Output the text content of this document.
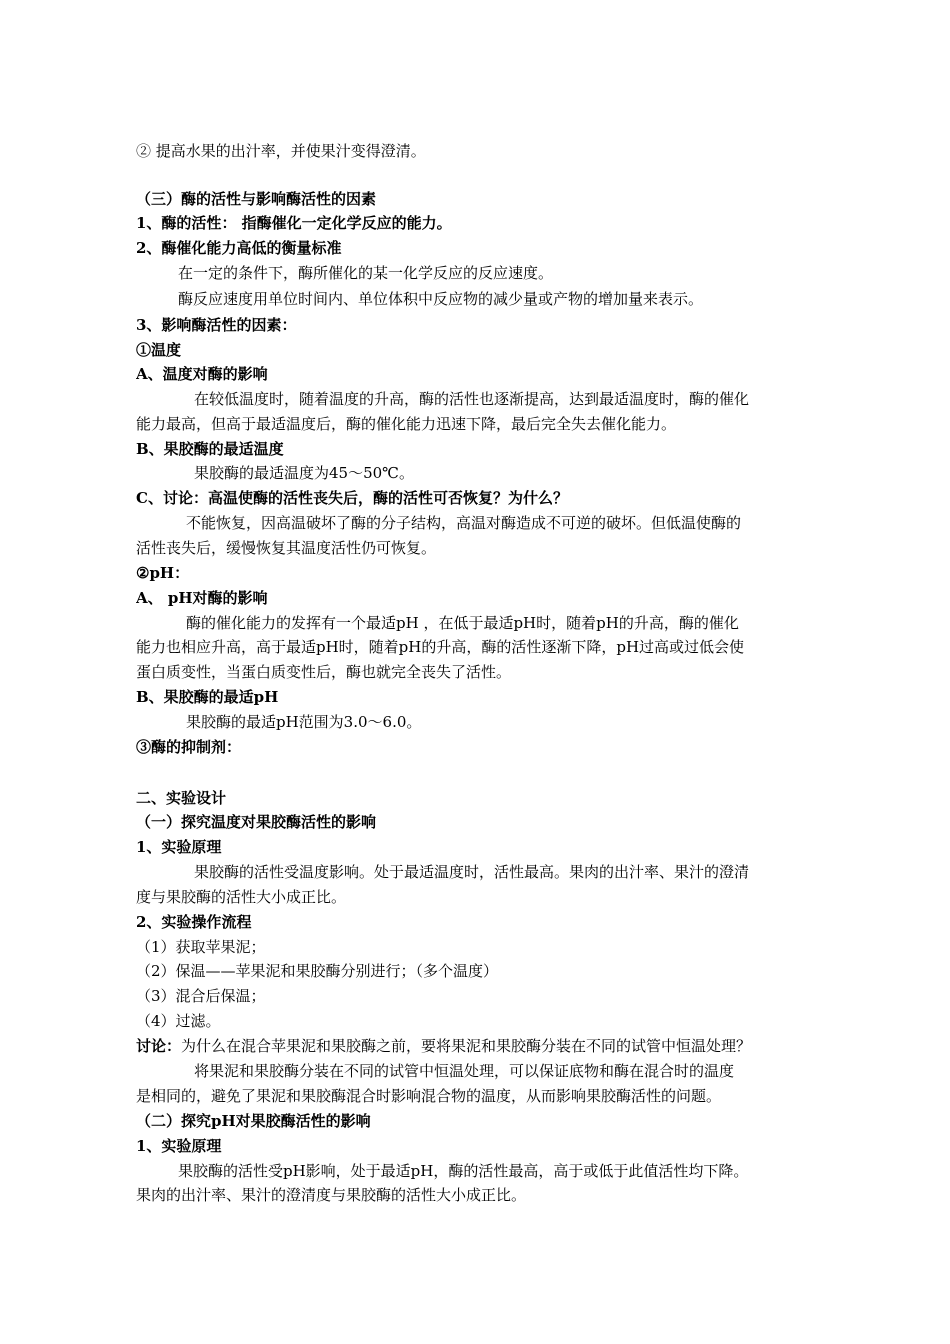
② 提高水果的出汁率，并使果汁变得澄清。
（三）酶的活性与影响酶活性的因素
1、酶的活性： 指酶催化一定化学反应的能力。
2、酶催化能力高低的衡量标准
在一定的条件下，酶所催化的某一化学反应的反应速度。
酶反应速度用单位时间内、单位体积中反应物的减少量或产物的增加量来表示。
3、影响酶活性的因素：
①温度
A、温度对酶的影响
在较低温度时，随着温度的升高，酶的活性也逐渐提高，达到最适温度时，酶的催化
能力最高，但高于最适温度后，酶的催化能力迅速下降，最后完全失去催化能力。
B、果胶酶的最适温度
果胶酶的最适温度为45～50℃。
C、讨论：高温使酶的活性丧失后，酶的活性可否恢复？为什么？
不能恢复，因高温破坏了酶的分子结构，高温对酶造成不可逆的破坏。但低温使酶的
活性丧失后，缓慢恢复其温度活性仍可恢复。
②pH：
A、 pH对酶的影响
酶的催化能力的发挥有一个最适pH ，在低于最适pH时，随着pH的升高，酶的催化
能力也相应升高，高于最适pH时，随着pH的升高，酶的活性逐渐下降，pH过高或过低会使
蛋白质变性，当蛋白质变性后，酶也就完全丧失了活性。
B、果胶酶的最适pH
果胶酶的最适pH范围为3.0～6.0。
③酶的抑制剂：
二、实验设计
（一）探究温度对果胶酶活性的影响
1、实验原理
果胶酶的活性受温度影响。处于最适温度时，活性最高。果肉的出汁率、果汁的澄清
度与果胶酶的活性大小成正比。
2、实验操作流程
（1）获取苹果泥；
（2）保温——苹果泥和果胶酶分别进行；（多个温度）
（3）混合后保温；
（4）过滤。
讨论：为什么在混合苹果泥和果胶酶之前，要将果泥和果胶酶分装在不同的试管中恒温处理？
将果泥和果胶酶分装在不同的试管中恒温处理，可以保证底物和酶在混合时的温度
是相同的，避免了果泥和果胶酶混合时影响混合物的温度，从而影响果胶酶活性的问题。
（二）探究pH对果胶酶活性的影响
1、实验原理
果胶酶的活性受pH影响，处于最适pH，酶的活性最高，高于或低于此值活性均下降。
果肉的出汁率、果汁的澄清度与果胶酶的活性大小成正比。
